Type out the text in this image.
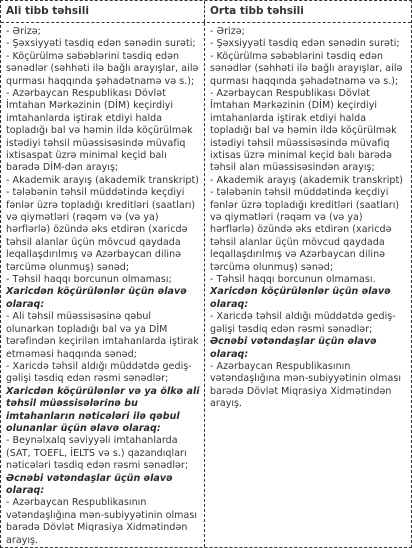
Ali tibb təhsili	Orta tibb təhsili
- Ərizə;
- Şəxsiyyəti təsdiq edən sənədin surəti;
- Köçürülmə səbəblərini təsdiq edən sənədlər (səhhəti ilə bağlı arayışlar, ailə qurması haqqında şəhadətnamə və s.);
- Azərbaycan Respublikası Dövlət İmtahan Mərkəzinin (DİM) keçirdiyi imtahanlarda iştirak etdiyi halda topladığı bal və həmin ildə köçürülmək istədiyi təhsil müəssisəsində müvafiq ixtisaspat üzrə minimal keçid balı barədə DİM-dən arayış;
- Akademik arayış (akademik transkript) - tələbənin təhsil müddətində keçdiyi fənlər üzrə topladığı kreditləri (saatları) və qiymətləri (rəqəm və (və ya) hərflərlə) özündə əks etdirən (xaricdə təhsil alanlar üçün mövcud qaydada leqallaşdırılmış və Azərbaycan dilinə tərcümə olunmuş) sənəd;
- Təhsil haqqı borcunun olmaması;
Xaricdən köçürülənlər üçün əlavə olaraq:
- Ali təhsil müəssisəsinə qəbul olunarkən topladığı bal və ya DİM tərəfindən keçirilən imtahanlarda iştirak etməməsi haqqında sənəd;
- Xaricdə təhsil aldığı müddətdə gediş-gəlişi təsdiq edən rəsmi sənədlər;
Xaricdən köçürülənlər və ya ölkə ali təhsil müəssisələrinə bu imtahanların nəticələri ilə qəbul olunanlar üçün əlavə olaraq:
- Beynəlxalq səviyyəli imtahanlarda (SAT, TOEFL, İELTS və s.) qazandıqları nəticələri təsdiq edən rəsmi sənədlər;
Əcnəbi vətəndaşlar üçün əlavə olaraq:
- Azərbaycan Respublikasının vətəndaşlığına mən-subiyyətinin olması barədə Dövlət Miqrasiya Xidmətindən arayış.
- Ərizə;
- Şəxsiyyəti təsdiq edən sənədin surəti;
- Köçürülmə səbəblərini təsdiq edən sənədlər (səhhəti ilə bağlı arayışlar, ailə qurması haqqında şəhadətnamə və s.);
- Azərbaycan Respublikası Dövlət İmtahan Mərkəzinin (DİM) keçirdiyi imtahanlarda iştirak etdiyi halda topladığı bal və həmin ildə köçürülmək istədiyi təhsil müəssisəsində müvafiq ixtisas üzrə minimal keçid balı barədə təhsil alan müəssisəsindən arayış;
- Akademik arayış (akademik transkript) - tələbənin təhsil müddətində keçdiyi fənlər üzrə topladığı kreditləri (saatları) və qiymətləri (rəqəm və (və ya) hərflərlə) özündə əks etdirən (xaricdə təhsil alanlar üçün mövcud qaydada leqallaşdırılmış və Azərbaycan dilinə tərcümə olunmuş) sənəd;
- Təhsil haqqı borcunun olmaması.
Xaricdən köçürülənlər üçün əlavə olaraq:
- Xaricdə təhsil aldığı müddətdə gediş-gəlişi təsdiq edən rəsmi sənədlər;
Əcnəbi vətəndaşlar üçün əlavə olaraq:
- Azərbaycan Respublikasının vətəndaşlığına mən-subiyyətinin olması barədə Dövlət Miqrasiya Xidmətindən arayış.
